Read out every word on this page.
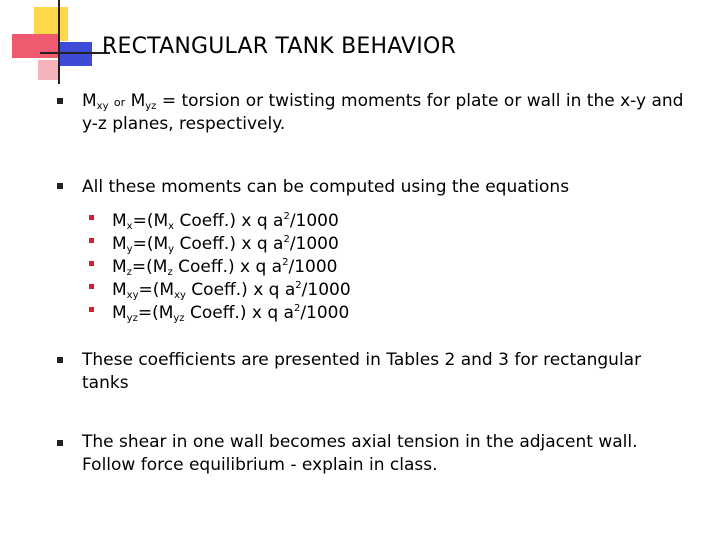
RECTANGULAR TANK BEHAVIOR
$M_{xy}$ or $M_{yz}$ = torsion or twisting moments for plate or wall in the x-y and
y-z planes, respectively.
All these moments can be computed using the equations
$M_x=(M_x$ Coeff.) x q $a^2/1000$
$M_y=(M_y$ Coeff.) x q $a^2/1000$
$M_z=(M_z$ Coeff.) x q $a^2/1000$
$M_{xy}=(M_{xy}$ Coeff.) x q $a^2/1000$
$M_{yz}=(M_{yz}$ Coeff.) x q $a^2/1000$
These coefficients are presented in Tables 2 and 3 for rectangular
tanks
The shear in one wall becomes axial tension in the adjacent wall.
Follow force equilibrium - explain in class.
